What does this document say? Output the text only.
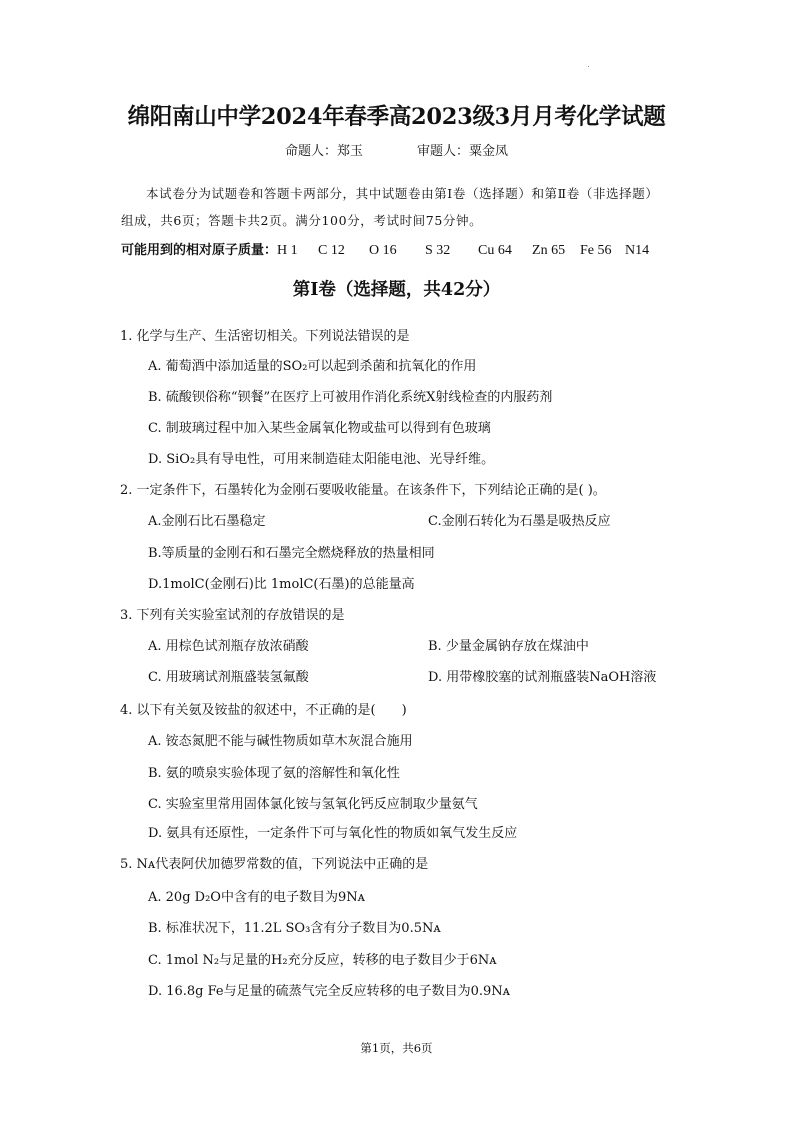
绵阳南山中学2024年春季高2023级3月月考化学试题
命题人：郑玉	审题人：粟金凤
本试卷分为试题卷和答题卡两部分，其中试题卷由第Ⅰ卷（选择题）和第Ⅱ卷（非选择题）
组成，共6页；答题卡共2页。满分100分，考试时间75分钟。
可能用到的相对原子质量：H 1 C 12 O 16 S 32 Cu 64 Zn 65 Fe 56 N14
第Ⅰ卷（选择题，共42分）
1. 化学与生产、生活密切相关。下列说法错误的是
A. 葡萄酒中添加适量的SO₂可以起到杀菌和抗氧化的作用
B. 硫酸钡俗称“钡餐”在医疗上可被用作消化系统X射线检查的内服药剂
C. 制玻璃过程中加入某些金属氧化物或盐可以得到有色玻璃
D. SiO₂具有导电性，可用来制造硅太阳能电池、光导纤维。
2. 一定条件下，石墨转化为金刚石要吸收能量。在该条件下，下列结论正确的是( )。
A.金刚石比石墨稳定	C.金刚石转化为石墨是吸热反应
B.等质量的金刚石和石墨完全燃烧释放的热量相同
D.1molC(金刚石)比 1molC(石墨)的总能量高
3. 下列有关实验室试剂的存放错误的是
A. 用棕色试剂瓶存放浓硝酸	B. 少量金属钠存放在煤油中
C. 用玻璃试剂瓶盛装氢氟酸	D. 用带橡胶塞的试剂瓶盛装NaOH溶液
4. 以下有关氨及铵盐的叙述中，不正确的是(　　)
A. 铵态氮肥不能与碱性物质如草木灰混合施用
B. 氨的喷泉实验体现了氨的溶解性和氧化性
C. 实验室里常用固体氯化铵与氢氧化钙反应制取少量氨气
D. 氨具有还原性，一定条件下可与氧化性的物质如氧气发生反应
5. Nᴀ代表阿伏加德罗常数的值，下列说法中正确的是
A. 20g D₂O中含有的电子数目为9Nᴀ
B. 标准状况下，11.2L SO₃含有分子数目为0.5Nᴀ
C. 1mol N₂与足量的H₂充分反应，转移的电子数目少于6Nᴀ
D. 16.8g Fe与足量的硫蒸气完全反应转移的电子数目为0.9Nᴀ
第1页，共6页
